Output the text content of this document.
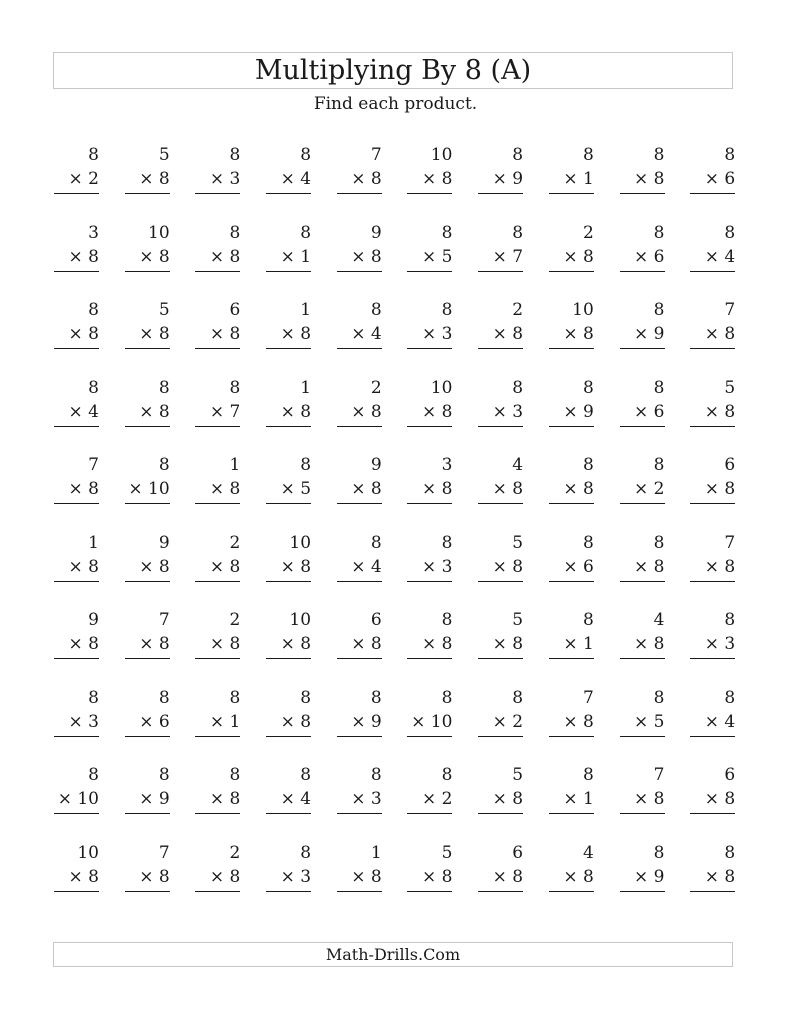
Multiplying By 8 (A)
Find each product.
8
× 2
5
× 8
8
× 3
8
× 4
7
× 8
10
× 8
8
× 9
8
× 1
8
× 8
8
× 6
3
× 8
10
× 8
8
× 8
8
× 1
9
× 8
8
× 5
8
× 7
2
× 8
8
× 6
8
× 4
8
× 8
5
× 8
6
× 8
1
× 8
8
× 4
8
× 3
2
× 8
10
× 8
8
× 9
7
× 8
8
× 4
8
× 8
8
× 7
1
× 8
2
× 8
10
× 8
8
× 3
8
× 9
8
× 6
5
× 8
7
× 8
8
× 10
1
× 8
8
× 5
9
× 8
3
× 8
4
× 8
8
× 8
8
× 2
6
× 8
1
× 8
9
× 8
2
× 8
10
× 8
8
× 4
8
× 3
5
× 8
8
× 6
8
× 8
7
× 8
9
× 8
7
× 8
2
× 8
10
× 8
6
× 8
8
× 8
5
× 8
8
× 1
4
× 8
8
× 3
8
× 3
8
× 6
8
× 1
8
× 8
8
× 9
8
× 10
8
× 2
7
× 8
8
× 5
8
× 4
8
× 10
8
× 9
8
× 8
8
× 4
8
× 3
8
× 2
5
× 8
8
× 1
7
× 8
6
× 8
10
× 8
7
× 8
2
× 8
8
× 3
1
× 8
5
× 8
6
× 8
4
× 8
8
× 9
8
× 8
Math-Drills.Com
